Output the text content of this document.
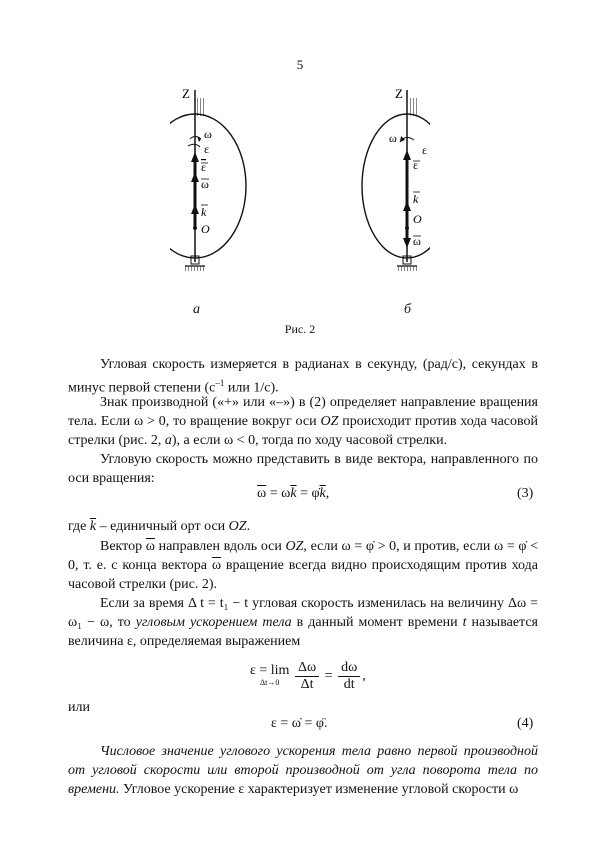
5
Z
ω
ε
ε
ω
k
O
Z
ω
ε
ε
k
O
ω
а	б
Рис. 2

Угловая скорость измеряется в радианах в секунду, (рад/с), секундах в минус первой степени ($с^{-1}$ или 1/с).

Знак производной («+» или «–») в (2) определяет направление вращения тела. Если ω > 0, то вращение вокруг оси OZ происходит против хода часовой стрелки (рис. 2, а), а если ω < 0, тогда по ходу часовой стрелки.

Угловую скорость можно представить в виде вектора, направленного по оси вращения:

$\overline{\omega} = \omega\overline{k}$ = $\varphi̇\overline{k}$,	(3)

где $\overline{k}$ – единичный орт оси OZ.

Вектор $\overline{\omega}$ направлен вдоль оси OZ, если ω = φ̇ > 0, и против, если ω = φ̇ < 0, т. е. с конца вектора $\overline{\omega}$ вращение всегда видно происходящим против хода часовой стрелки (рис. 2).

Если за время Δ t = t₁ − t угловая скорость изменилась на величину Δω = ω₁ − ω, то угловым ускорением тела в данный момент времени t называется величина ε, определяемая выражением

ε = lim
Δt→0
	$\frac{\Delta\omega}{\Delta t} = \frac{d\omega}{dt}$ ,
или
ε = ω̇ = φ̈.	(4)

Числовое значение углового ускорения тела равно первой производной от угловой скорости или второй производной от угла поворота тела по времени. Угловое ускорение ε характеризует изменение угловой скорости ω
